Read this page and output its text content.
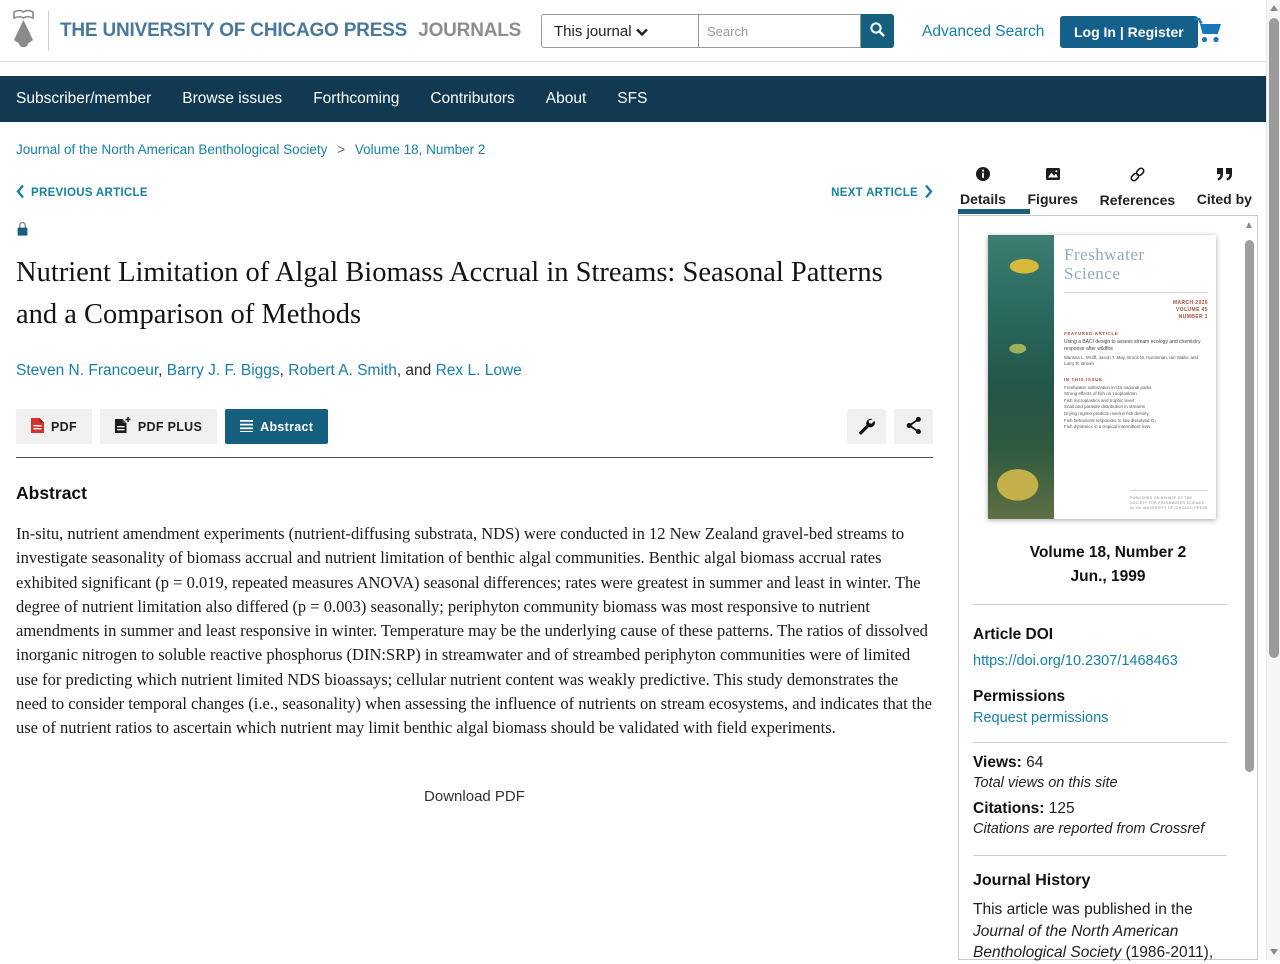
THE UNIVERSITY OF CHICAGO PRESS JOURNALS This journal
Search	Advanced Search	Log In | Register
Subscriber/member Browse issues Forthcoming Contributors About SFS
Journal of the North American Benthological Society > Volume 18, Number 2
PREVIOUS ARTICLE	NEXT ARTICLE
Nutrient Limitation of Algal Biomass Accrual in Streams: Seasonal Patterns and a Comparison of Methods
Steven N. Francoeur, Barry J. F. Biggs, Robert A. Smith, and Rex L. Lowe
PDF	PDF PLUS	Abstract
Abstract

In-situ, nutrient amendment experiments (nutrient-diffusing substrata, NDS) were conducted in 12 New Zealand gravel-bed streams to investigate seasonality of biomass accrual and nutrient limitation of benthic algal communities. Benthic algal biomass accrual rates exhibited significant (p = 0.019, repeated measures ANOVA) seasonal differences; rates were greatest in summer and least in winter. The degree of nutrient limitation also differed (p = 0.003) seasonally; periphyton community biomass was most responsive to nutrient amendments in summer and least responsive in winter. Temperature may be the underlying cause of these patterns. The ratios of dissolved inorganic nitrogen to soluble reactive phosphorus (DIN:SRP) in streamwater and of streambed periphyton communities were of limited use for predicting which nutrient limited NDS bioassays; cellular nutrient content was weakly predictive. This study demonstrates the need to consider temporal changes (i.e., seasonality) when assessing the influence of nutrients on stream ecosystems, and indicates that the use of nutrient ratios to ascertain which nutrient may limit benthic algal biomass should be validated with field experiments.

Download PDF
Details Figures References Cited by
Freshwater
Science
MARCH 2026
VOLUME 45
NUMBER 1
FEATURED ARTICLE
Using a BACI design to assess stream ecology and chemistry response after wildfire
Marissa L. Wulff, Jason T. May, Brock M. Huntsman, Ian Waite, and Larry R. Brown
IN THIS ISSUE
Freshwater salinization in US national parks
Strong effects of fish on zooplankton
Fish microplastics and trophic level
Snail and parasite distribution in streams
Drying regime predicts riverine fish density
Fish behavioral responses to low dissolved O₂
Fish dynamics in a tropical intermittent river
PUBLISHED ON BEHALF OF THE SOCIETY FOR FRESHWATER SCIENCE
by the UNIVERSITY OF CHICAGO PRESS
Volume 18, Number 2
Jun., 1999
Article DOI
https://doi.org/10.2307/1468463
Permissions
Request permissions
Views: 64
Total views on this site
Citations: 125
Citations are reported from Crossref
Journal History
This article was published in the Journal of the North American Benthological Society (1986-2011),
